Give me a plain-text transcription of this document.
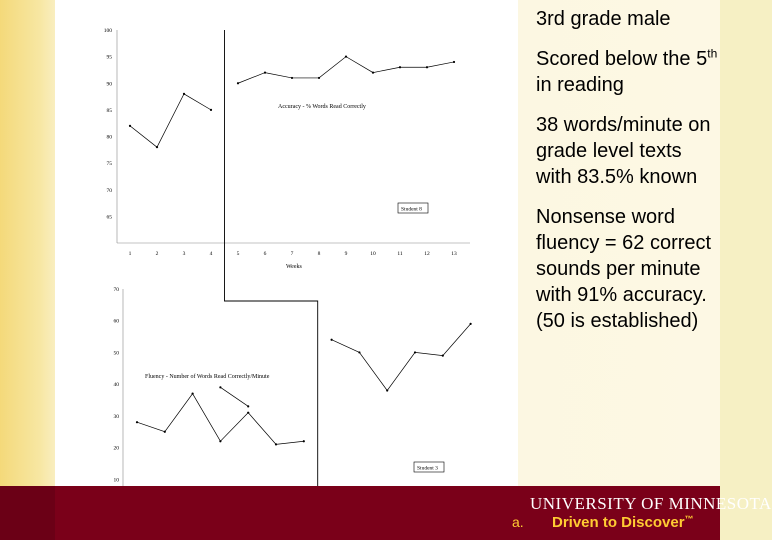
Accuracy - % Words Read Correctly
Weeks
Student 8
Fluency - Number of Words Read Correctly/Minute
Student 3
65
70
75
80
85
90
95
100
1	2	3	4	5	6	7	8	9	10	11	12	13
10
20
30
40
50
60
70

3rd grade male

Scored below the 5th in reading

38 words/minute on grade level texts with 83.5% known

Nonsense word fluency = 62 correct sounds per minute with 91% accuracy. (50 is established)

a.
UNIVERSITY OF MINNESOTA
Driven to Discover™
